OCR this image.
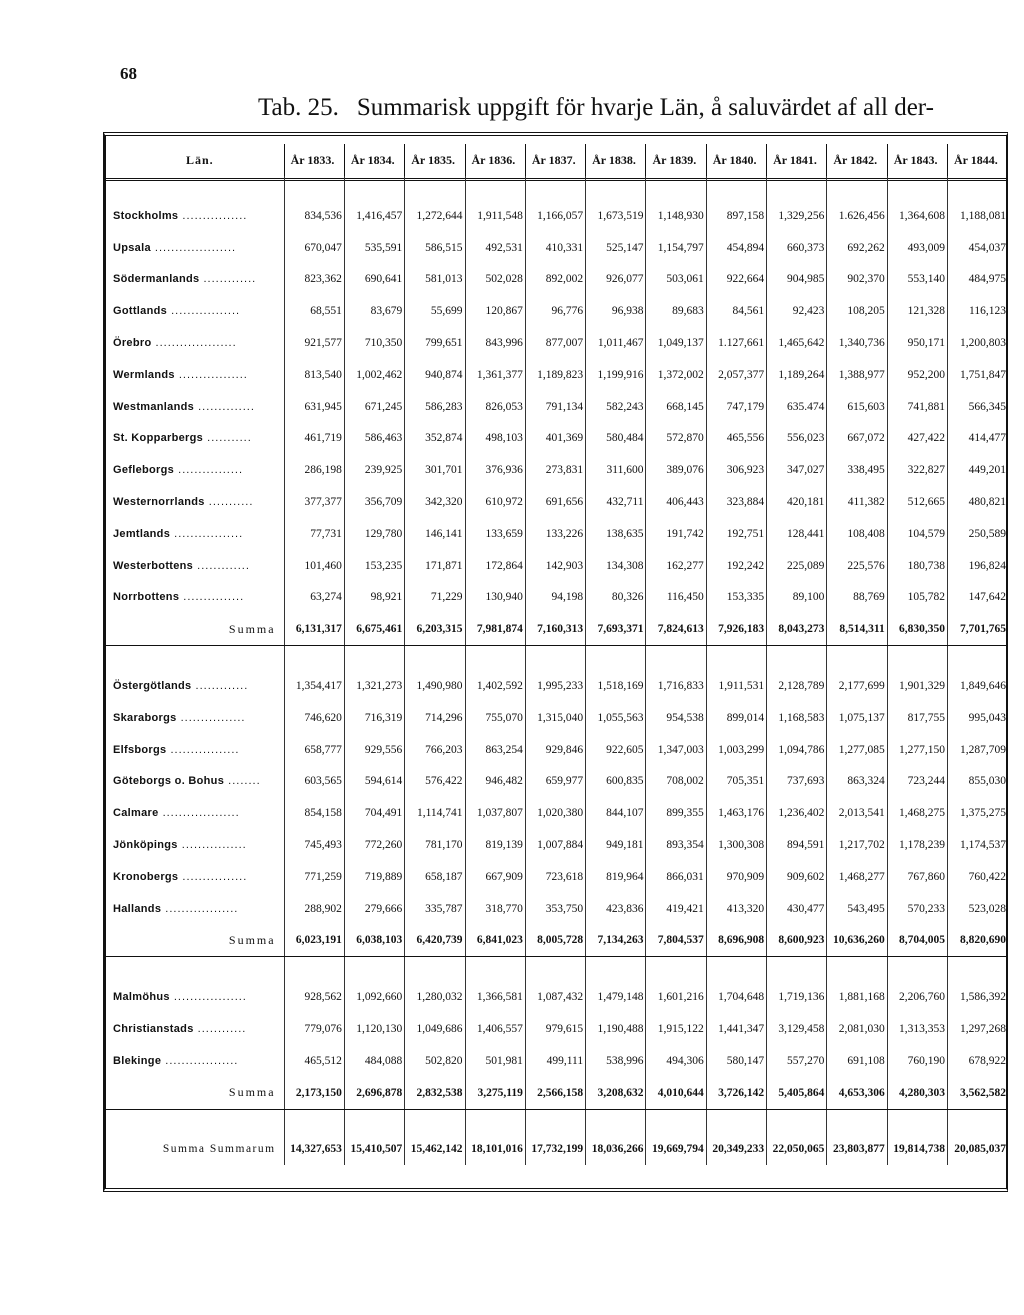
68
Tab. 25. Summarisk uppgift för hvarje Län, å saluvärdet af all der-
Län.	År 1833.	År 1834.	År 1835.	År 1836.	År 1837.	År 1838.	År 1839.	År 1840.	År 1841.	År 1842.	År 1843.	År 1844.

Stockholms ................	834,536	1,416,457	1,272,644	1,911,548	1,166,057	1,673,519	1,148,930	897,158	1,329,256	1.626,456	1,364,608	1,188,081
Upsala ....................	670,047	535,591	586,515	492,531	410,331	525,147	1,154,797	454,894	660,373	692,262	493,009	454,037
Södermanlands .............	823,362	690,641	581,013	502,028	892,002	926,077	503,061	922,664	904,985	902,370	553,140	484,975
Gottlands .................	68,551	83,679	55,699	120,867	96,776	96,938	89,683	84,561	92,423	108,205	121,328	116,123
Örebro ....................	921,577	710,350	799,651	843,996	877,007	1,011,467	1,049,137	1.127,661	1,465,642	1,340,736	950,171	1,200,803
Wermlands .................	813,540	1,002,462	940,874	1,361,377	1,189,823	1,199,916	1,372,002	2,057,377	1,189,264	1,388,977	952,200	1,751,847
Westmanlands ..............	631,945	671,245	586,283	826,053	791,134	582,243	668,145	747,179	635.474	615,603	741,881	566,345
St. Kopparbergs ...........	461,719	586,463	352,874	498,103	401,369	580,484	572,870	465,556	556,023	667,072	427,422	414,477
Gefleborgs ................	286,198	239,925	301,701	376,936	273,831	311,600	389,076	306,923	347,027	338,495	322,827	449,201
Westernorrlands ...........	377,377	356,709	342,320	610,972	691,656	432,711	406,443	323,884	420,181	411,382	512,665	480,821
Jemtlands .................	77,731	129,780	146,141	133,659	133,226	138,635	191,742	192,751	128,441	108,408	104,579	250,589
Westerbottens .............	101,460	153,235	171,871	172,864	142,903	134,308	162,277	192,242	225,089	225,576	180,738	196,824
Norrbottens ...............	63,274	98,921	71,229	130,940	94,198	80,326	116,450	153,335	89,100	88,769	105,782	147,642
Summa	6,131,317	6,675,461	6,203,315	7,981,874	7,160,313	7,693,371	7,824,613	7,926,183	8,043,273	8,514,311	6,830,350	7,701,765

Östergötlands .............	1,354,417	1,321,273	1,490,980	1,402,592	1,995,233	1,518,169	1,716,833	1,911,531	2,128,789	2,177,699	1,901,329	1,849,646
Skaraborgs ................	746,620	716,319	714,296	755,070	1,315,040	1,055,563	954,538	899,014	1,168,583	1,075,137	817,755	995,043
Elfsborgs .................	658,777	929,556	766,203	863,254	929,846	922,605	1,347,003	1,003,299	1,094,786	1,277,085	1,277,150	1,287,709
Göteborgs o. Bohus ........	603,565	594,614	576,422	946,482	659,977	600,835	708,002	705,351	737,693	863,324	723,244	855,030
Calmare ...................	854,158	704,491	1,114,741	1,037,807	1,020,380	844,107	899,355	1,463,176	1,236,402	2,013,541	1,468,275	1,375,275
Jönköpings ................	745,493	772,260	781,170	819,139	1,007,884	949,181	893,354	1,300,308	894,591	1,217,702	1,178,239	1,174,537
Kronobergs ................	771,259	719,889	658,187	667,909	723,618	819,964	866,031	970,909	909,602	1,468,277	767,860	760,422
Hallands ..................	288,902	279,666	335,787	318,770	353,750	423,836	419,421	413,320	430,477	543,495	570,233	523,028
Summa	6,023,191	6,038,103	6,420,739	6,841,023	8,005,728	7,134,263	7,804,537	8,696,908	8,600,923	10,636,260	8,704,005	8,820,690

Malmöhus ..................	928,562	1,092,660	1,280,032	1,366,581	1,087,432	1,479,148	1,601,216	1,704,648	1,719,136	1,881,168	2,206,760	1,586,392
Christianstads ............	779,076	1,120,130	1,049,686	1,406,557	979,615	1,190,488	1,915,122	1,441,347	3,129,458	2,081,030	1,313,353	1,297,268
Blekinge ..................	465,512	484,088	502,820	501,981	499,111	538,996	494,306	580,147	557,270	691,108	760,190	678,922
Summa	2,173,150	2,696,878	2,832,538	3,275,119	2,566,158	3,208,632	4,010,644	3,726,142	5,405,864	4,653,306	4,280,303	3,562,582

Summa Summarum	14,327,653	15,410,507	15,462,142	18,101,016	17,732,199	18,036,266	19,669,794	20,349,233	22,050,065	23,803,877	19,814,738	20,085,037
